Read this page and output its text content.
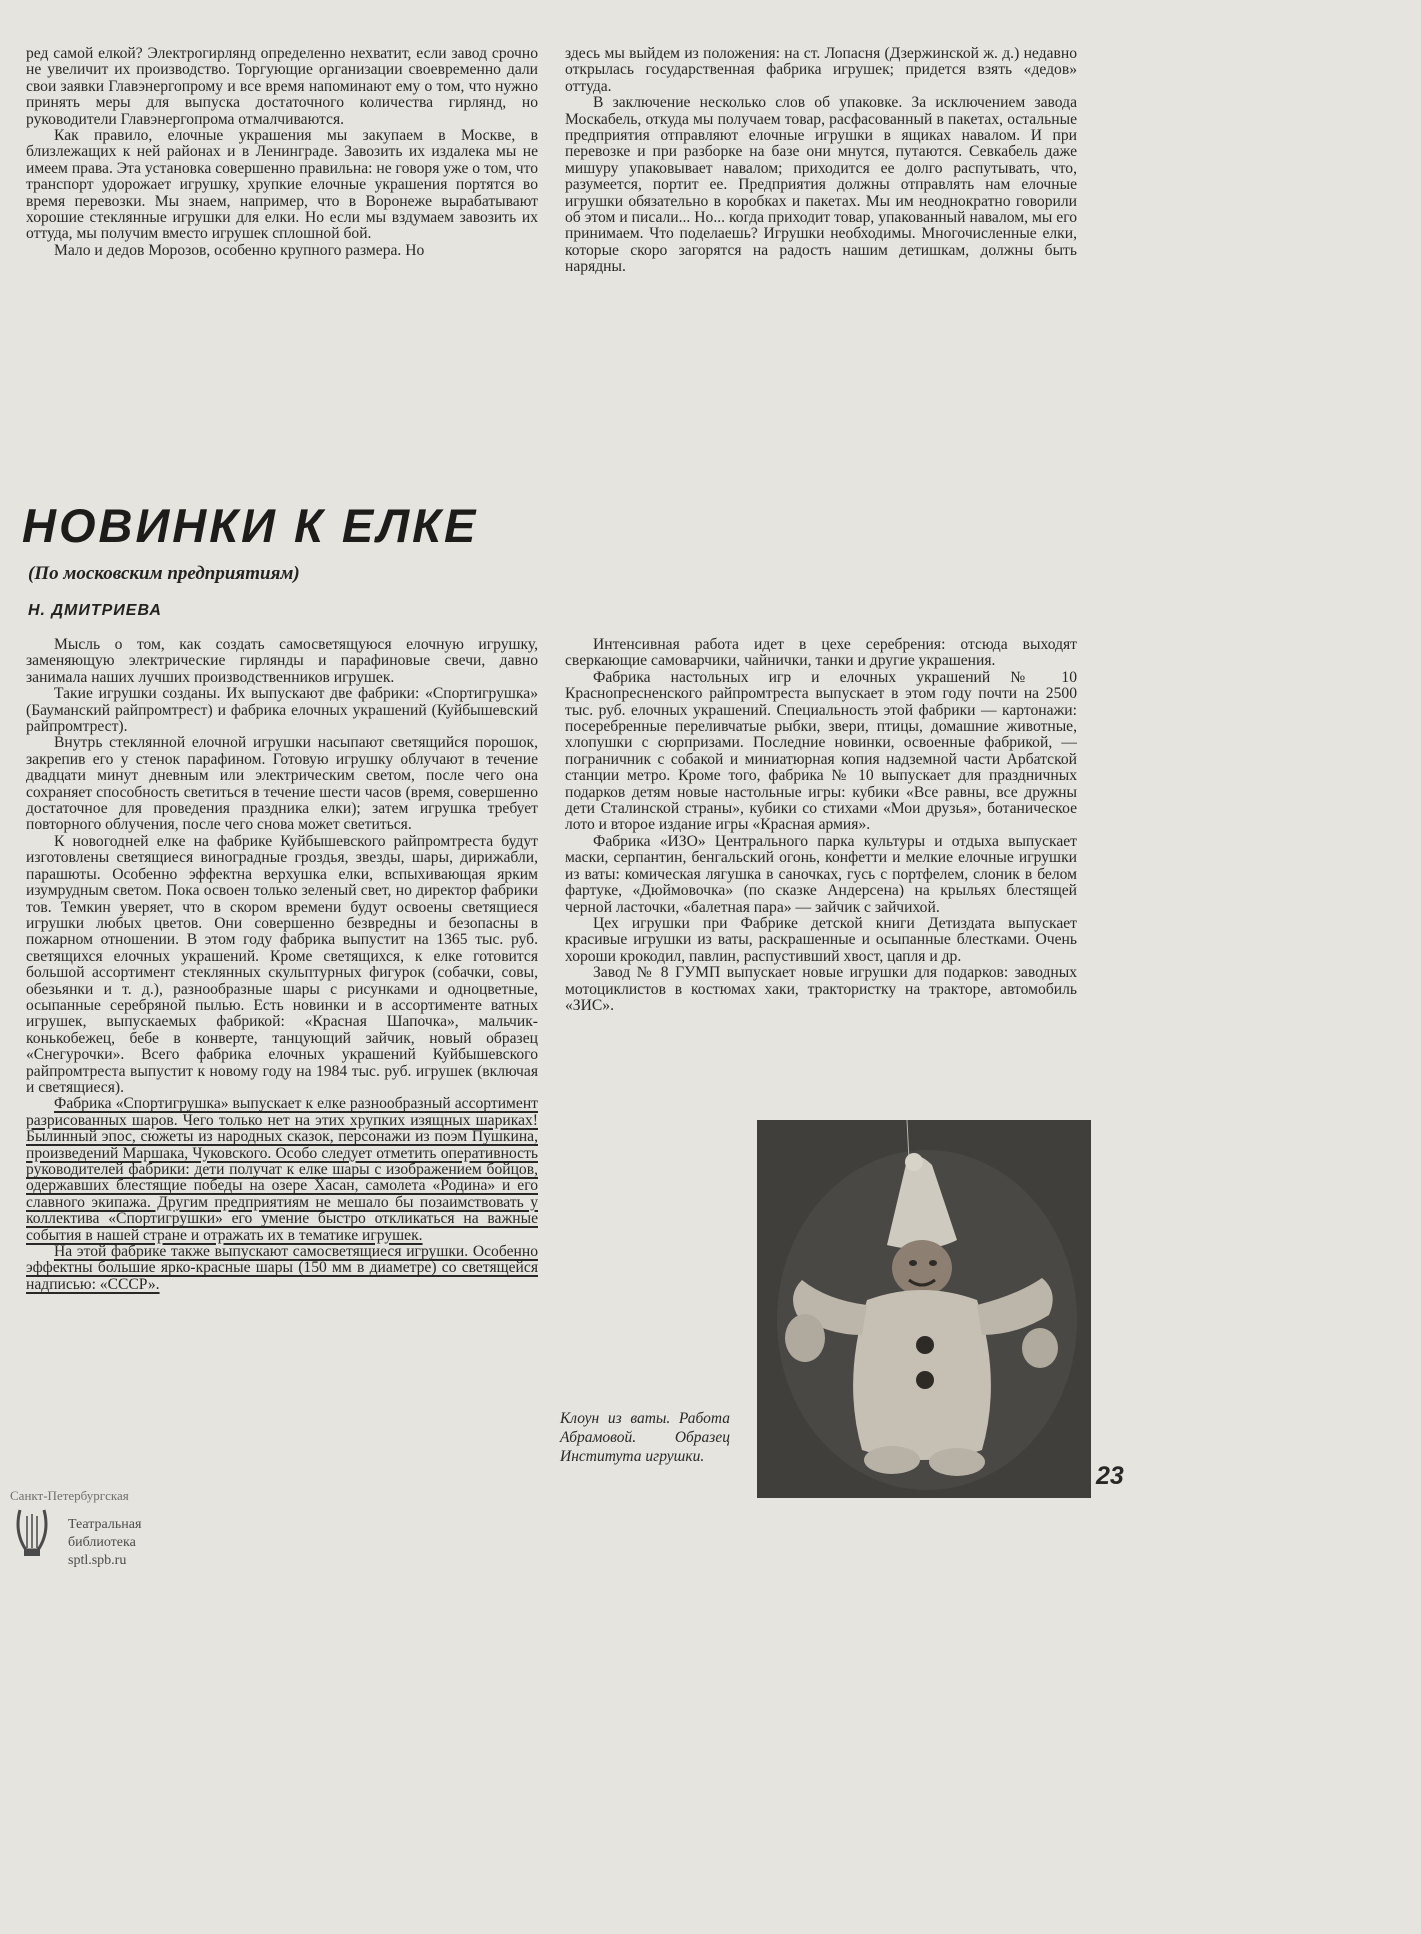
ред самой елкой? Электрогирлянд определенно нехватит, если завод срочно не увеличит их производство. Торгующие организации своевременно дали свои заявки Главэнергопрому и все время напоминают ему о том, что нужно принять меры для выпуска достаточного количества гирлянд, но руководители Главэнергопрома отмалчиваются.

Как правило, елочные украшения мы закупаем в Москве, в близлежащих к ней районах и в Ленинграде. Завозить их издалека мы не имеем права. Эта установка совершенно правильна: не говоря уже о том, что транспорт удорожает игрушку, хрупкие елочные украшения портятся во время перевозки. Мы знаем, например, что в Воронеже вырабатывают хорошие стеклянные игрушки для елки. Но если мы вздумаем завозить их оттуда, мы получим вместо игрушек сплошной бой.

Мало и дедов Морозов, особенно крупного размера. Но

здесь мы выйдем из положения: на ст. Лопасня (Дзержинской ж. д.) недавно открылась государственная фабрика игрушек; придется взять «дедов» оттуда.

В заключение несколько слов об упаковке. За исключением завода Москабель, откуда мы получаем товар, расфасованный в пакетах, остальные предприятия отправляют елочные игрушки в ящиках навалом. И при перевозке и при разборке на базе они мнутся, путаются. Севкабель даже мишуру упаковывает навалом; приходится ее долго распутывать, что, разумеется, портит ее. Предприятия должны отправлять нам елочные игрушки обязательно в коробках и пакетах. Мы им неоднократно говорили об этом и писали... Но... когда приходит товар, упакованный навалом, мы его принимаем. Что поделаешь? Игрушки необходимы. Многочисленные елки, которые скоро загорятся на радость нашим детишкам, должны быть нарядны.

НОВИНКИ К ЕЛКЕ
(По московским предприятиям)
Н. ДМИТРИЕВА

Мысль о том, как создать самосветящуюся елочную игрушку, заменяющую электрические гирлянды и парафиновые свечи, давно занимала наших лучших производственников игрушек.

Такие игрушки созданы. Их выпускают две фабрики: «Спортигрушка» (Бауманский райпромтрест) и фабрика елочных украшений (Куйбышевский райпромтрест).

Внутрь стеклянной елочной игрушки насыпают светящийся порошок, закрепив его у стенок парафином. Готовую игрушку облучают в течение двадцати минут дневным или электрическим светом, после чего она сохраняет способность светиться в течение шести часов (время, совершенно достаточное для проведения праздника елки); затем игрушка требует повторного облучения, после чего снова может светиться.

К новогодней елке на фабрике Куйбышевского райпромтреста будут изготовлены светящиеся виноградные гроздья, звезды, шары, дирижабли, парашюты. Особенно эффектна верхушка елки, вспыхивающая ярким изумрудным светом. Пока освоен только зеленый свет, но директор фабрики тов. Темкин уверяет, что в скором времени будут освоены светящиеся игрушки любых цветов. Они совершенно безвредны и безопасны в пожарном отношении. В этом году фабрика выпустит на 1365 тыс. руб. светящихся елочных украшений. Кроме светящихся, к елке готовится большой ассортимент стеклянных скульптурных фигурок (собачки, совы, обезьянки и т. д.), разнообразные шары с рисунками и одноцветные, осыпанные серебряной пылью. Есть новинки и в ассортименте ватных игрушек, выпускаемых фабрикой: «Красная Шапочка», мальчик-конькобежец, бебе в конверте, танцующий зайчик, новый образец «Снегурочки». Всего фабрика елочных украшений Куйбышевского райпромтреста выпустит к новому году на 1984 тыс. руб. игрушек (включая и светящиеся).

Фабрика «Спортигрушка» выпускает к елке разнообразный ассортимент разрисованных шаров. Чего только нет на этих хрупких изящных шариках! Былинный эпос, сюжеты из народных сказок, персонажи из поэм Пушкина, произведений Маршака, Чуковского. Особо следует отметить оперативность руководителей фабрики: дети получат к елке шары с изображением бойцов, одержавших блестящие победы на озере Хасан, самолета «Родина» и его славного экипажа. Другим предприятиям не мешало бы позаимствовать у коллектива «Спортигрушки» его умение быстро откликаться на важные события в нашей стране и отражать их в тематике игрушек.

На этой фабрике также выпускают самосветящиеся игрушки. Особенно эффектны большие ярко-красные шары (150 мм в диаметре) со светящейся надписью: «СССР».

Интенсивная работа идет в цехе серебрения: отсюда выходят сверкающие самоварчики, чайнички, танки и другие украшения.

Фабрика настольных игр и елочных украшений № 10 Краснопресненского райпромтреста выпускает в этом году почти на 2500 тыс. руб. елочных украшений. Специальность этой фабрики — картонажи: посеребренные переливчатые рыбки, звери, птицы, домашние животные, хлопушки с сюрпризами. Последние новинки, освоенные фабрикой, — пограничник с собакой и миниатюрная копия надземной части Арбатской станции метро. Кроме того, фабрика № 10 выпускает для праздничных подарков детям новые настольные игры: кубики «Все равны, все дружны дети Сталинской страны», кубики со стихами «Мои друзья», ботаническое лото и второе издание игры «Красная армия».

Фабрика «ИЗО» Центрального парка культуры и отдыха выпускает маски, серпантин, бенгальский огонь, конфетти и мелкие елочные игрушки из ваты: комическая лягушка в саночках, гусь с портфелем, слоник в белом фартуке, «Дюймовочка» (по сказке Андерсена) на крыльях блестящей черной ласточки, «балетная пара» — зайчик с зайчихой.

Цех игрушки при Фабрике детской книги Детиздата выпускает красивые игрушки из ваты, раскрашенные и осыпанные блестками. Очень хороши крокодил, павлин, распустивший хвост, цапля и др.

Завод № 8 ГУМП выпускает новые игрушки для подарков: заводных мотоциклистов в костюмах хаки, трактористку на тракторе, автомобиль «ЗИС».

Клоун из ваты. Работа Абрамовой. Образец Института игрушки.

23
Санкт-Петербургская
Театральная
библиотека
sptl.spb.ru
